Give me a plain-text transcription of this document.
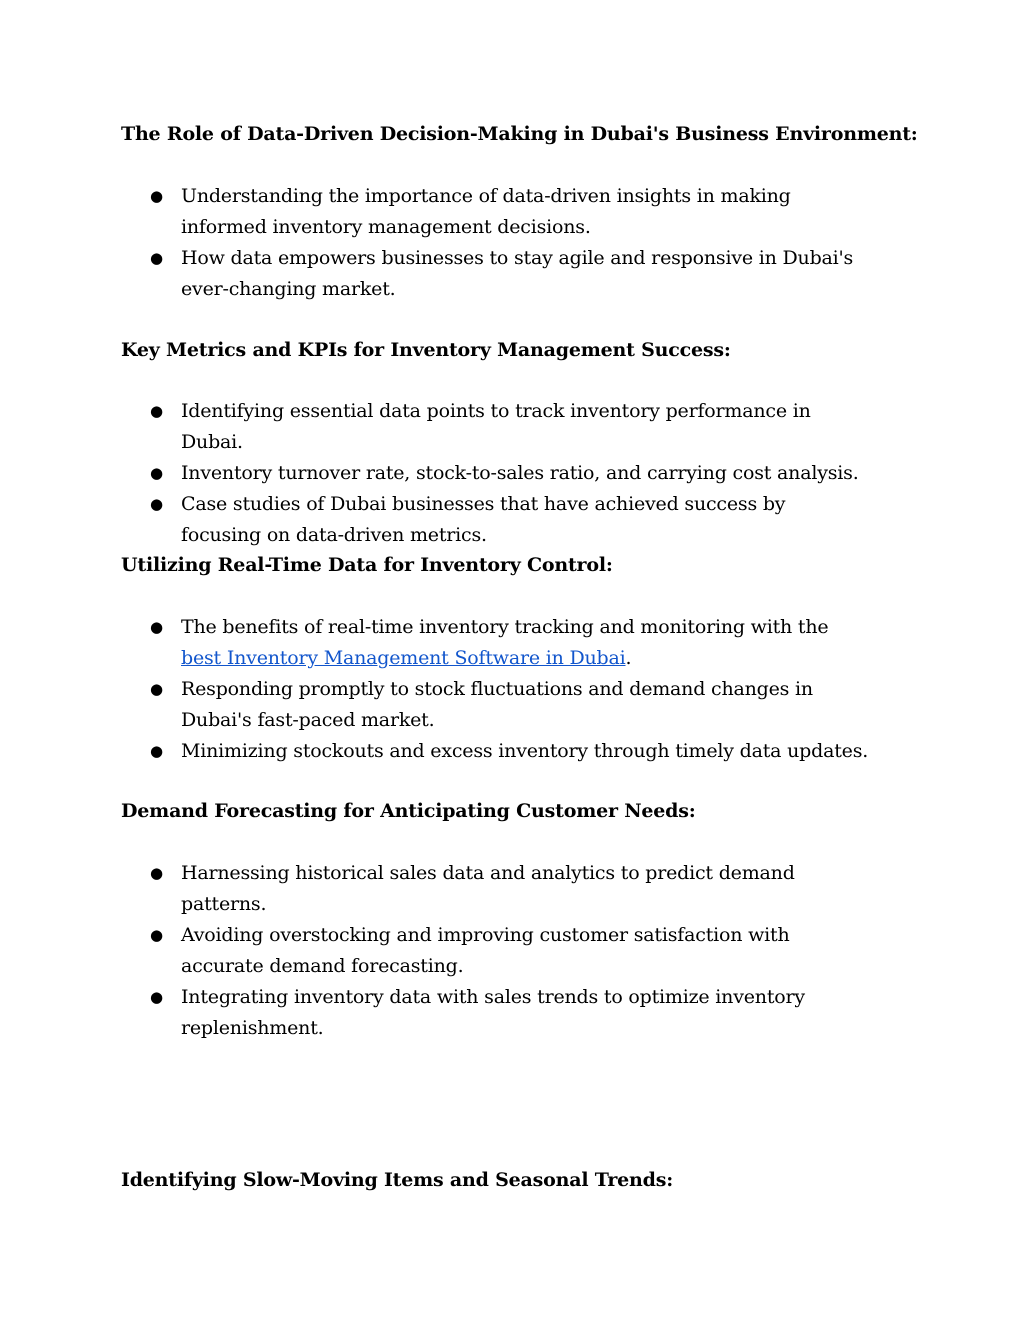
The Role of Data-Driven Decision-Making in Dubai's Business Environment:
● Understanding the importance of data-driven insights in making informed inventory management decisions.
● How data empowers businesses to stay agile and responsive in Dubai's ever-changing market.
Key Metrics and KPIs for Inventory Management Success:
● Identifying essential data points to track inventory performance in Dubai.
● Inventory turnover rate, stock-to-sales ratio, and carrying cost analysis.
● Case studies of Dubai businesses that have achieved success by focusing on data-driven metrics.
Utilizing Real-Time Data for Inventory Control:
● The benefits of real-time inventory tracking and monitoring with the best Inventory Management Software in Dubai.
● Responding promptly to stock fluctuations and demand changes in Dubai's fast-paced market.
● Minimizing stockouts and excess inventory through timely data updates.
Demand Forecasting for Anticipating Customer Needs:
● Harnessing historical sales data and analytics to predict demand patterns.
● Avoiding overstocking and improving customer satisfaction with accurate demand forecasting.
● Integrating inventory data with sales trends to optimize inventory replenishment.
Identifying Slow-Moving Items and Seasonal Trends:
